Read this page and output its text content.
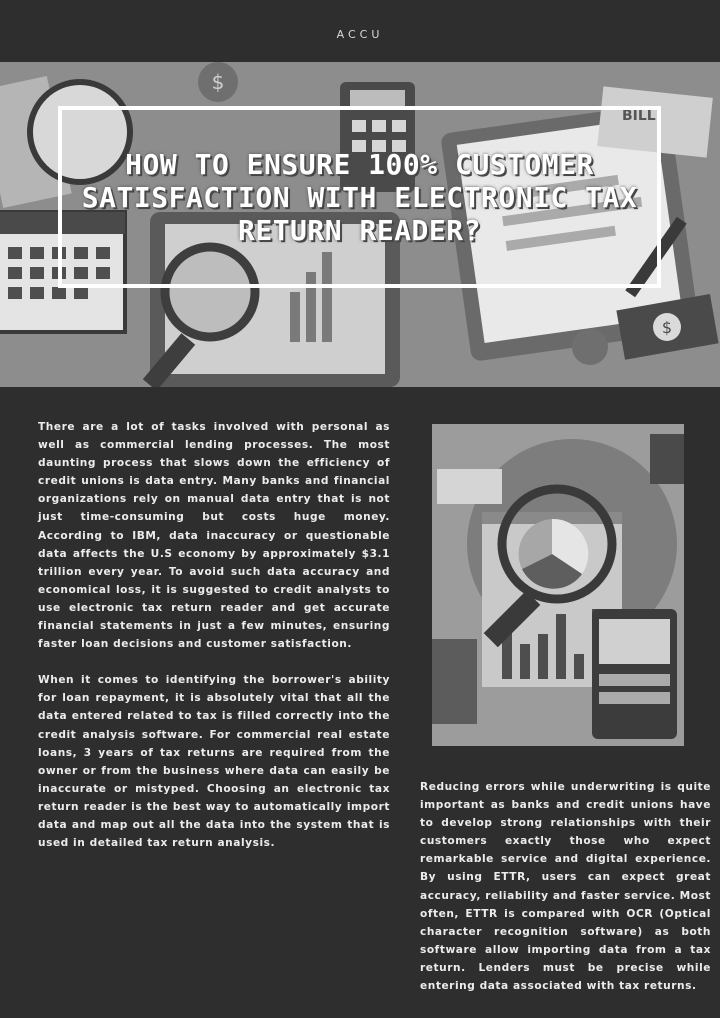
ACCU
$
BILL
$
HOW TO ENSURE 100% CUSTOMER SATISFACTION WITH ELECTRONIC TAX RETURN READER?

There are a lot of tasks involved with personal as well as commercial lending processes. The most daunting process that slows down the efficiency of credit unions is data entry. Many banks and financial organizations rely on manual data entry that is not just time-consuming but costs huge money. According to IBM, data inaccuracy or questionable data affects the U.S economy by approximately $3.1 trillion every year. To avoid such data accuracy and economical loss, it is suggested to credit analysts to use electronic tax return reader and get accurate financial statements in just a few minutes, ensuring faster loan decisions and customer satisfaction.

When it comes to identifying the borrower's ability for loan repayment, it is absolutely vital that all the data entered related to tax is filled correctly into the credit analysis software. For commercial real estate loans, 3 years of tax returns are required from the owner or from the business where data can easily be inaccurate or mistyped. Choosing an electronic tax return reader is the best way to automatically import data and map out all the data into the system that is used in detailed tax return analysis.

Reducing errors while underwriting is quite important as banks and credit unions have to develop strong relationships with their customers exactly those who expect remarkable service and digital experience. By using ETTR, users can expect great accuracy, reliability and faster service. Most often, ETTR is compared with OCR (Optical character recognition software) as both software allow importing data from a tax return. Lenders must be precise while entering data associated with tax returns.
